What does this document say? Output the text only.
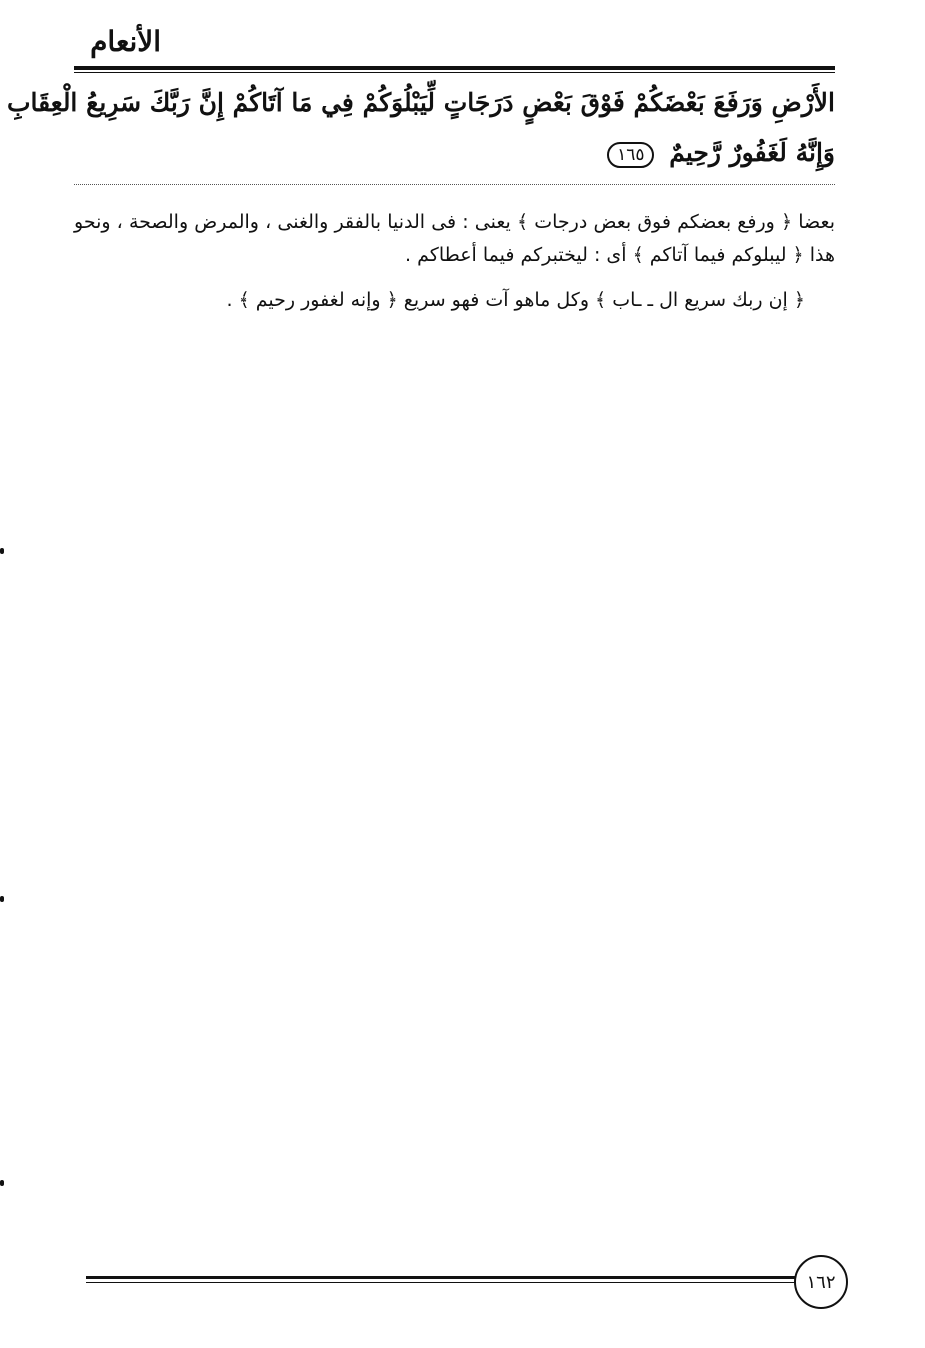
الأنعام
الأَرْضِ وَرَفَعَ بَعْضَكُمْ فَوْقَ بَعْضٍ دَرَجَاتٍ لِّيَبْلُوَكُمْ فِي مَا آتَاكُمْ إِنَّ رَبَّكَ سَرِيعُ الْعِقَابِ
وَإِنَّهُ لَغَفُورٌ رَّحِيمٌ ١٦٥

بعضا ﴿ ورفع بعضكم فوق بعض درجات ﴾ يعنى : فى الدنيا بالفقر والغنى ، والمرض والصحة ، ونحو هذا ﴿ ليبلوكم فيما آتاكم ﴾ أى : ليختبركم فيما أعطاكم .

﴿ إن ربك سريع ال ـ ـاب ﴾ وكل ماهو آت فهو سريع ﴿ وإنه لغفور رحيم ﴾ .

١٦٢
